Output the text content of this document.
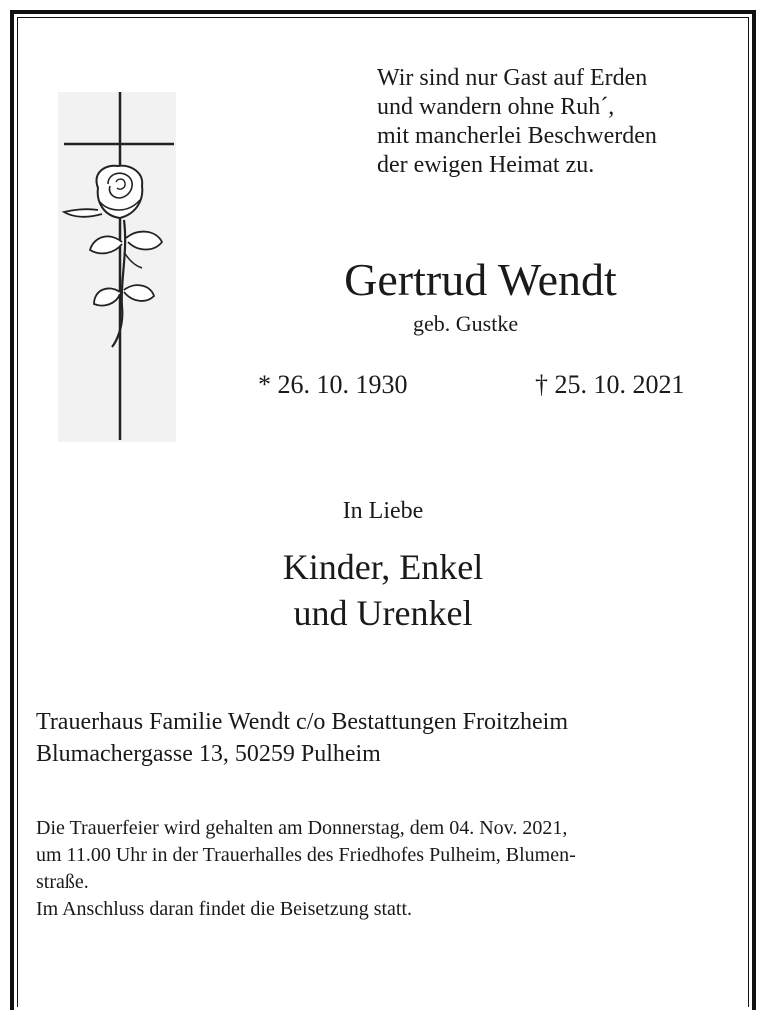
Wir sind nur Gast auf Erden
und wandern ohne Ruh´,
mit mancherlei Beschwerden
der ewigen Heimat zu.
Gertrud Wendt
geb. Gustke
* 26. 10. 1930	† 25. 10. 2021
In Liebe
Kinder, Enkel
und Urenkel
Trauerhaus Familie Wendt c/o Bestattungen Froitzheim
Blumachergasse 13, 50259 Pulheim
Die Trauerfeier wird gehalten am Donnerstag, dem 04. Nov. 2021,
um 11.00 Uhr in der Trauerhalles des Friedhofes Pulheim, Blumen-
straße.
Im Anschluss daran findet die Beisetzung statt.
